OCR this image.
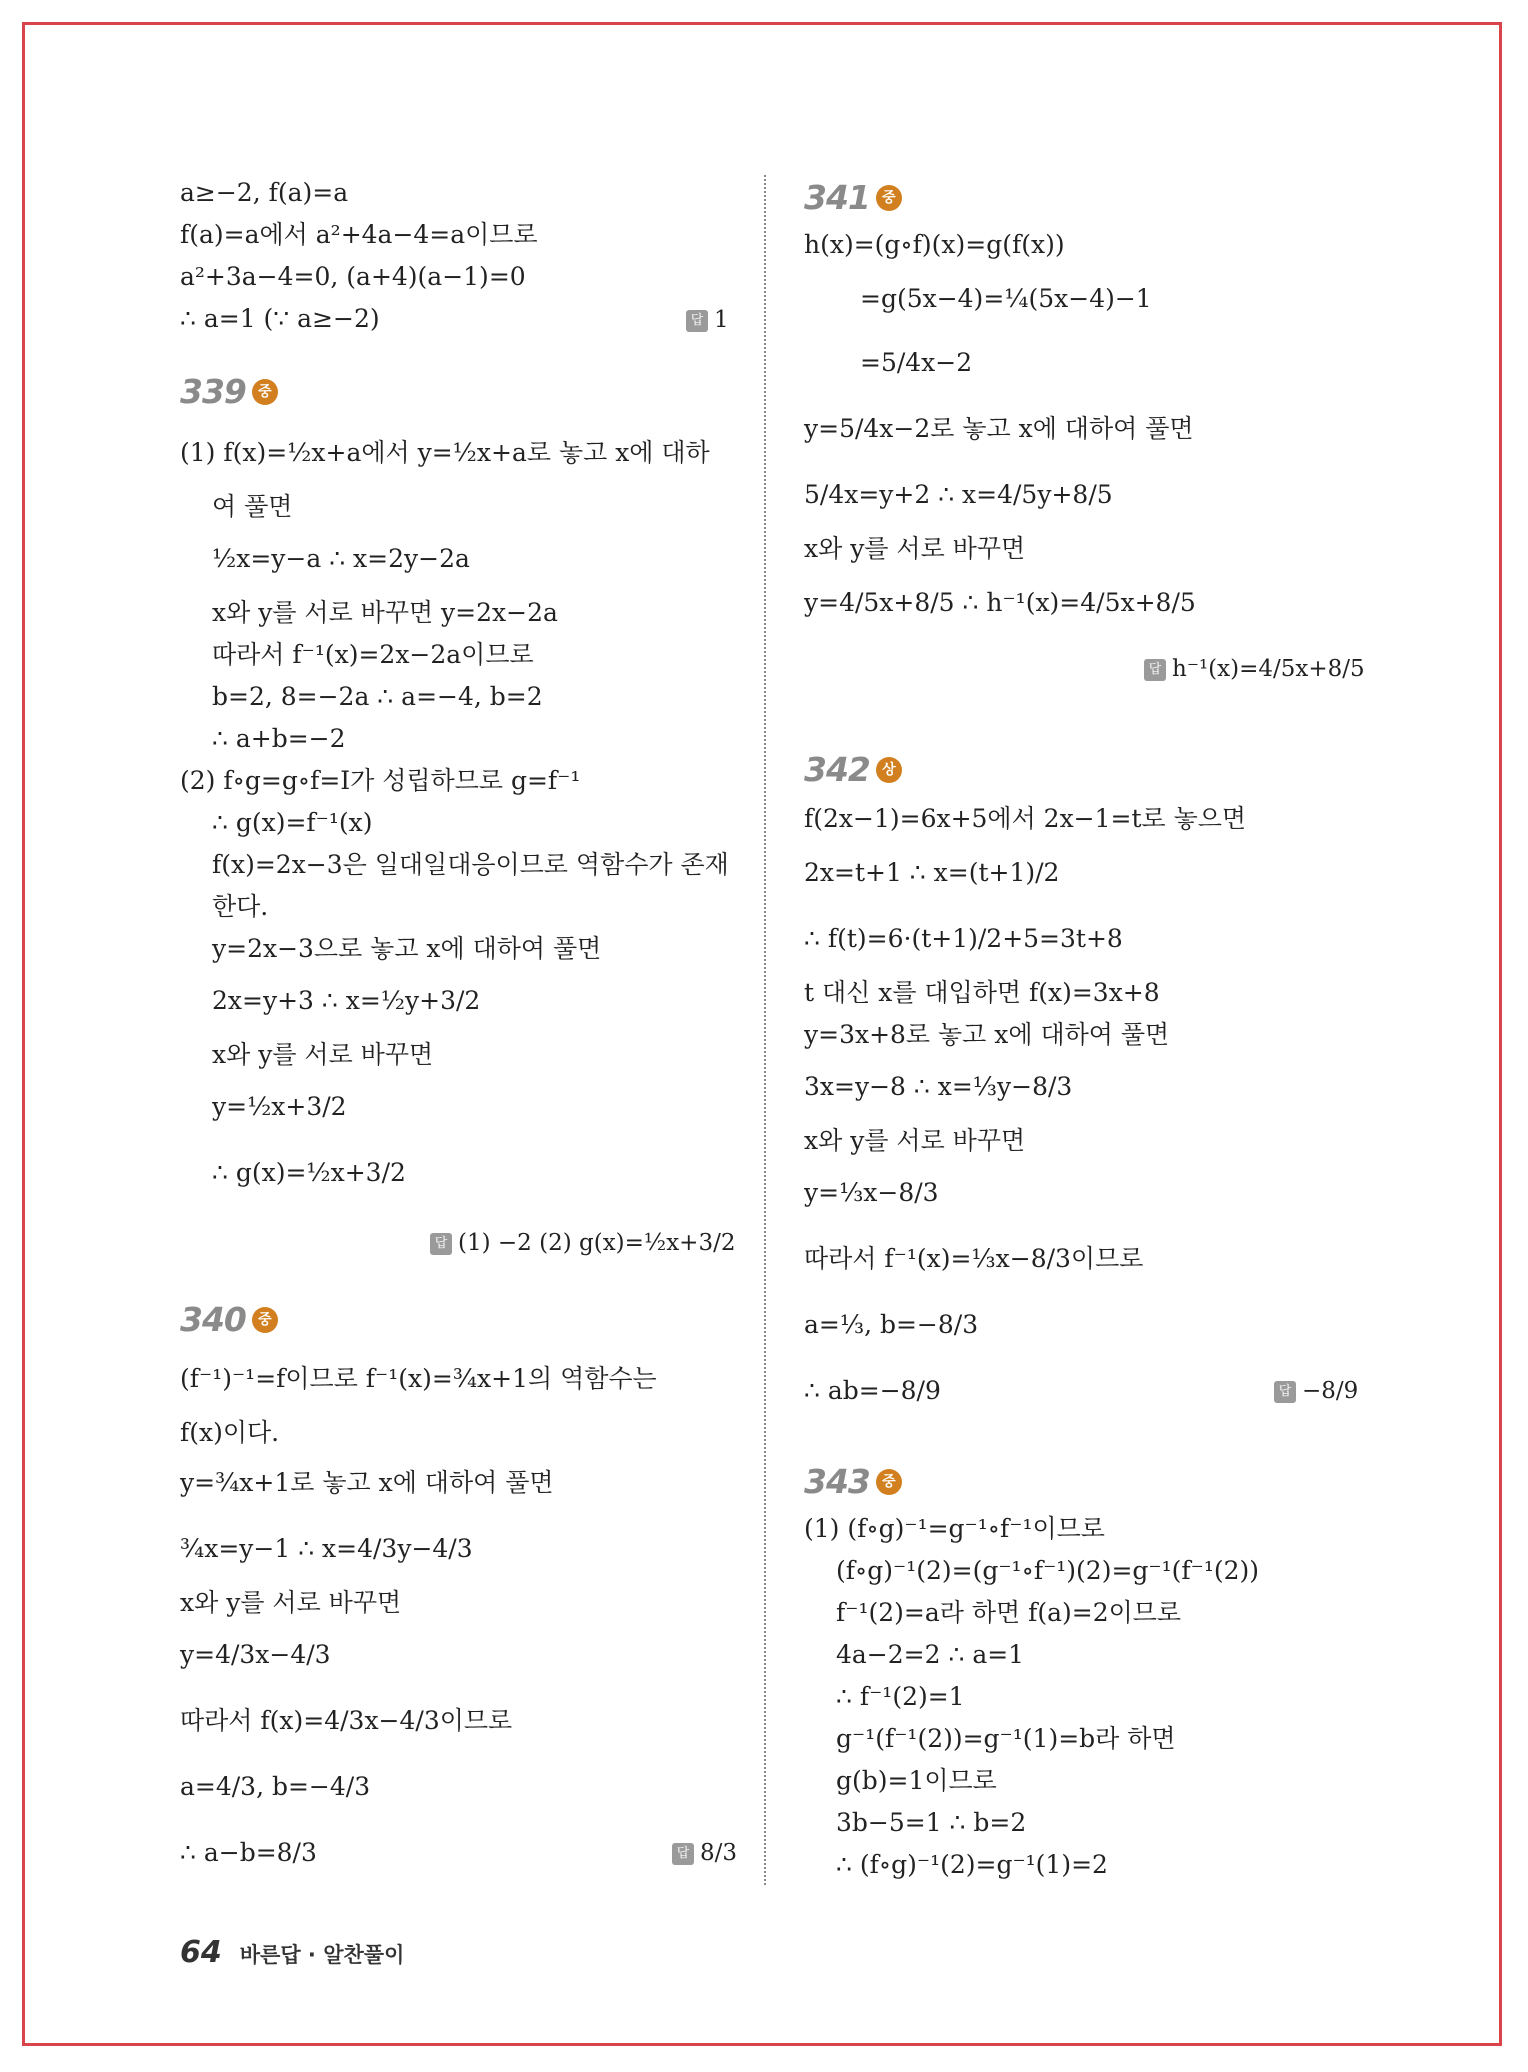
a≥−2, f(a)=a
f(a)=a에서 a²+4a−4=a이므로
a²+3a−4=0, (a+4)(a−1)=0
∴ a=1 (∵ a≥−2)	답 1
339 중
(1) f(x)=½x+a에서 y=½x+a로 놓고 x에 대하
여 풀면
½x=y−a ∴ x=2y−2a
x와 y를 서로 바꾸면 y=2x−2a
따라서 f⁻¹(x)=2x−2a이므로
b=2, 8=−2a ∴ a=−4, b=2
∴ a+b=−2
(2) f∘g=g∘f=I가 성립하므로 g=f⁻¹
∴ g(x)=f⁻¹(x)
f(x)=2x−3은 일대일대응이므로 역함수가 존재
한다.
y=2x−3으로 놓고 x에 대하여 풀면
2x=y+3 ∴ x=½y+3/2
x와 y를 서로 바꾸면
y=½x+3/2
∴ g(x)=½x+3/2
답 (1) −2 (2) g(x)=½x+3/2
340 중
(f⁻¹)⁻¹=f이므로 f⁻¹(x)=¾x+1의 역함수는
f(x)이다.
y=¾x+1로 놓고 x에 대하여 풀면
¾x=y−1 ∴ x=4/3y−4/3
x와 y를 서로 바꾸면
y=4/3x−4/3
따라서 f(x)=4/3x−4/3이므로
a=4/3, b=−4/3
∴ a−b=8/3	답 8/3
341 중
h(x)=(g∘f)(x)=g(f(x))
=g(5x−4)=¼(5x−4)−1
=5/4x−2
y=5/4x−2로 놓고 x에 대하여 풀면
5/4x=y+2 ∴ x=4/5y+8/5
x와 y를 서로 바꾸면
y=4/5x+8/5 ∴ h⁻¹(x)=4/5x+8/5
답 h⁻¹(x)=4/5x+8/5
342 상
f(2x−1)=6x+5에서 2x−1=t로 놓으면
2x=t+1 ∴ x=(t+1)/2
∴ f(t)=6·(t+1)/2+5=3t+8
t 대신 x를 대입하면 f(x)=3x+8
y=3x+8로 놓고 x에 대하여 풀면
3x=y−8 ∴ x=⅓y−8/3
x와 y를 서로 바꾸면
y=⅓x−8/3
따라서 f⁻¹(x)=⅓x−8/3이므로
a=⅓, b=−8/3
∴ ab=−8/9	답 −8/9
343 중
(1) (f∘g)⁻¹=g⁻¹∘f⁻¹이므로
(f∘g)⁻¹(2)=(g⁻¹∘f⁻¹)(2)=g⁻¹(f⁻¹(2))
f⁻¹(2)=a라 하면 f(a)=2이므로
4a−2=2 ∴ a=1
∴ f⁻¹(2)=1
g⁻¹(f⁻¹(2))=g⁻¹(1)=b라 하면
g(b)=1이므로
3b−5=1 ∴ b=2
∴ (f∘g)⁻¹(2)=g⁻¹(1)=2
64 바른답 · 알찬풀이
